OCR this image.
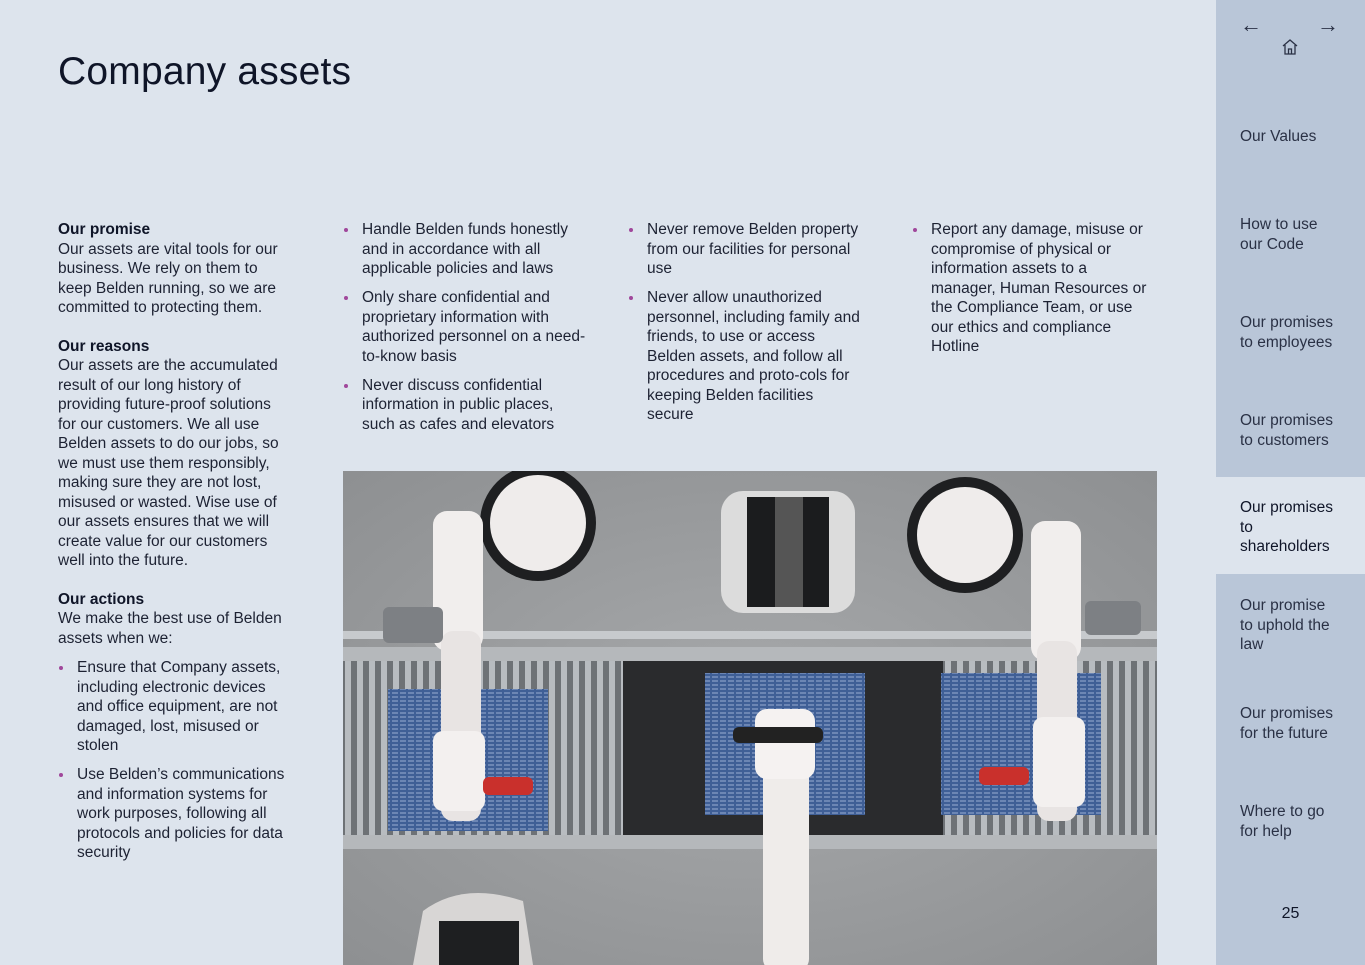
Company assets
Our promise
Our assets are vital tools for our business. We rely on them to keep Belden running, so we are committed to protecting them.
Our reasons
Our assets are the accumulated result of our long history of providing future-proof solutions for our customers. We all use Belden assets to do our jobs, so we must use them responsibly, making sure they are not lost, misused or wasted. Wise use of our assets ensures that we will create value for our customers well into the future.
Our actions
We make the best use of Belden assets when we:
Ensure that Company assets, including electronic devices and office equipment, are not damaged, lost, misused or stolen
Use Belden’s communications and information systems for work purposes, following all protocols and policies for data security
Handle Belden funds honestly and in accordance with all applicable policies and laws
Only share confidential and proprietary information with authorized personnel on a need-to-know basis
Never discuss confidential information in public places, such as cafes and elevators
Never remove Belden property from our facilities for personal use
Never allow unauthorized personnel, including family and friends, to use or access Belden assets, and follow all procedures and proto-cols for keeping Belden facilities secure
Report any damage, misuse or compromise of physical or information assets to a manager, Human Resources or the Compliance Team, or use our ethics and compliance Hotline
←	→
Our Values
How to use our Code
Our promises to employees
Our promises to customers
Our promises to shareholders
Our promise to uphold the law
Our promises for the future
Where to go for help
25
